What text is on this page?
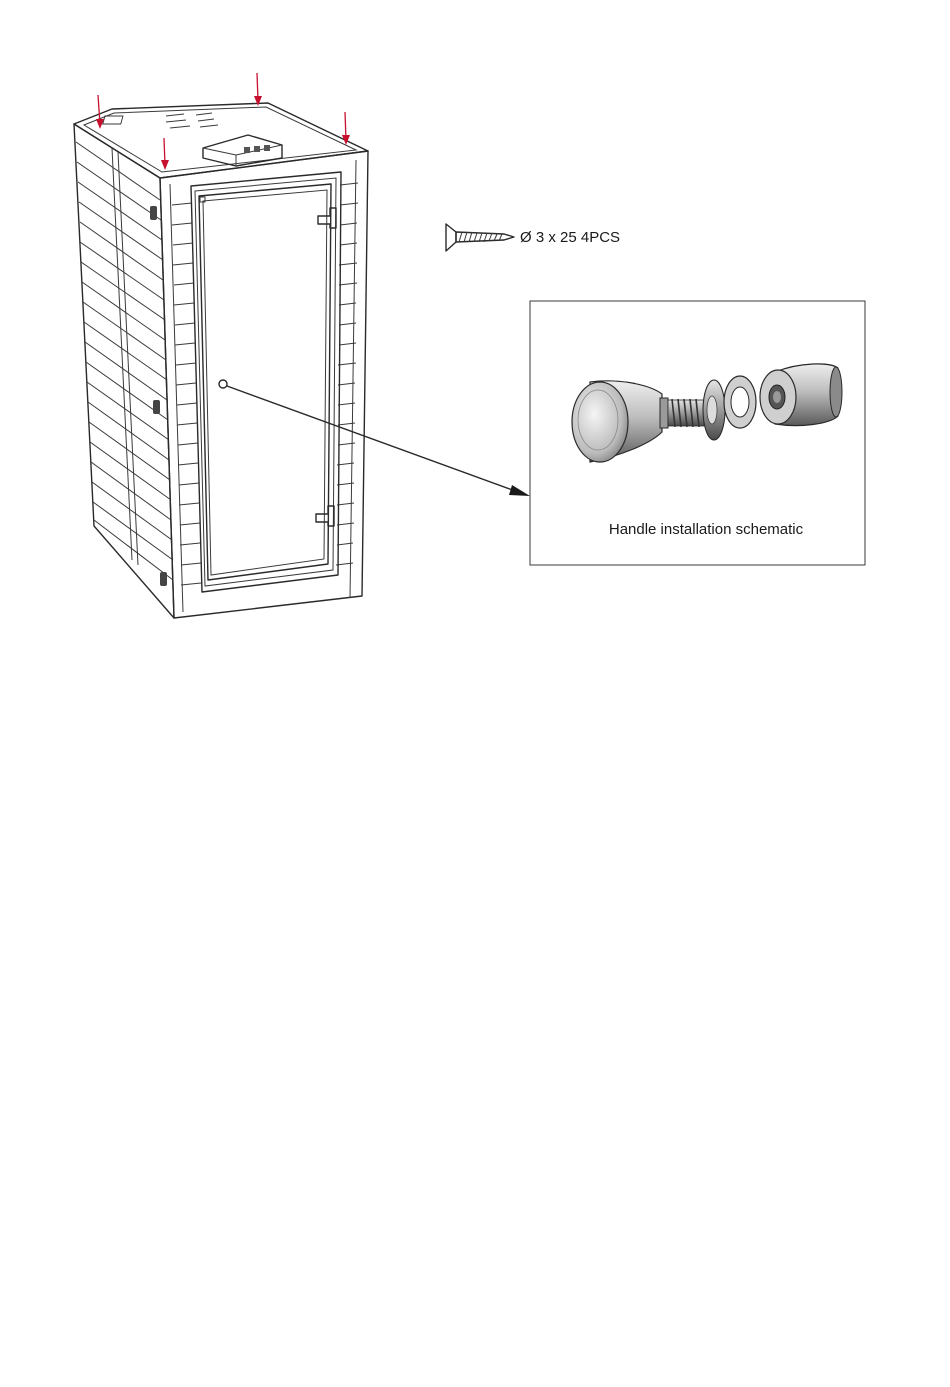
Ø 3 x 25 4PCS
Handle installation schematic
